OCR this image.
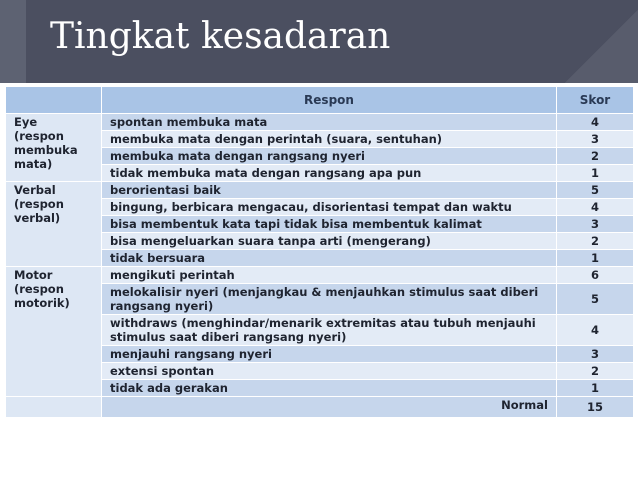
Tingkat kesadaran
	Respon	Skor
Eye
(respon
membuka
mata)	spontan membuka mata	4
	membuka mata dengan perintah (suara, sentuhan)	3
	membuka mata dengan rangsang nyeri	2
	tidak membuka mata dengan rangsang apa pun	1
Verbal
(respon
verbal)	berorientasi baik	5
	bingung, berbicara mengacau, disorientasi tempat dan waktu	4
	bisa membentuk kata tapi tidak bisa membentuk kalimat	3
	bisa mengeluarkan suara tanpa arti (mengerang)	2
	tidak bersuara	1
Motor
(respon
motorik)	mengikuti perintah	6
	melokalisir nyeri (menjangkau & menjauhkan stimulus saat diberi rangsang nyeri)	5
	withdraws (menghindar/menarik extremitas atau tubuh menjauhi stimulus saat diberi rangsang nyeri)	4
	menjauhi rangsang nyeri	3
	extensi spontan	2
	tidak ada gerakan	1
	Normal	15
